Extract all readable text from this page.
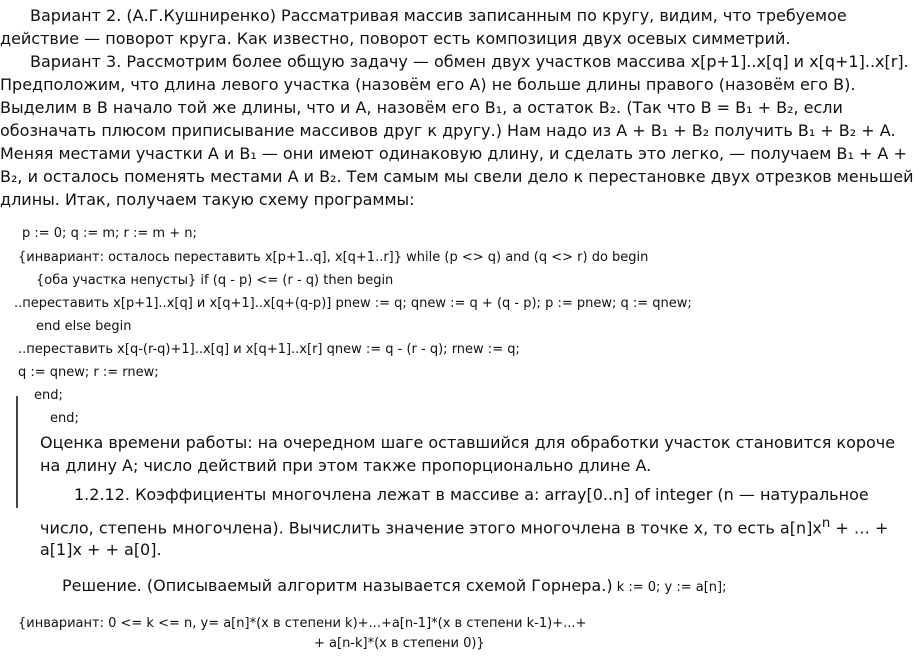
Вариант 2. (А.Г.Кушниренко) Рассматривая массив записанным по кругу, видим, что требуемое
действие — поворот круга. Как известно, поворот есть композиция двух осевых симметрий.
Вариант 3. Рассмотрим более общую задачу — обмен двух участков массива x[p+1]..x[q] и x[q+1]..x[r].
Предположим, что длина левого участка (назовём его A) не больше длины правого (назовём его B).
Выделим в B начало той же длины, что и A, назовём его B₁, а остаток B₂. (Так что B = B₁ + B₂, если
обозначать плюсом приписывание массивов друг к другу.) Нам надо из A + B₁ + B₂ получить B₁ + B₂ + A.
Меняя местами участки A и B₁ — они имеют одинаковую длину, и сделать это легко, — получаем B₁ + A +
B₂, и осталось поменять местами A и B₂. Тем самым мы свели дело к перестановке двух отрезков меньшей
длины. Итак, получаем такую схему программы:
p := 0; q := m; r := m + n;
{инвариант: осталось переставить x[p+1..q], x[q+1..r]} while (p <> q) and (q <> r) do begin
{оба участка непусты} if (q - p) <= (r - q) then begin
..переставить x[p+1]..x[q] и x[q+1]..x[q+(q-p)] pnew := q; qnew := q + (q - p); p := pnew; q := qnew;
end else begin
..переставить x[q-(r-q)+1]..x[q] и x[q+1]..x[r] qnew := q - (r - q); rnew := q;
q := qnew; r := rnew;
end;
end;
Оценка времени работы: на очередном шаге оставшийся для обработки участок становится короче
на длину A; число действий при этом также пропорционально длине A.
1.2.12. Коэффициенты многочлена лежат в массиве a: array[0..n] of integer (n — натуральное
число, степень многочлена). Вычислить значение этого многочлена в точке x, то есть $a[n]x^n$ + … +
a[1]x + + a[0].
Решение. (Описываемый алгоритм называется схемой Горнера.) k := 0; y := a[n];
{инвариант: 0 <= k <= n, y= a[n]*(x в степени k)+...+a[n-1]*(x в степени k-1)+...+
+ a[n-k]*(x в степени 0)}
